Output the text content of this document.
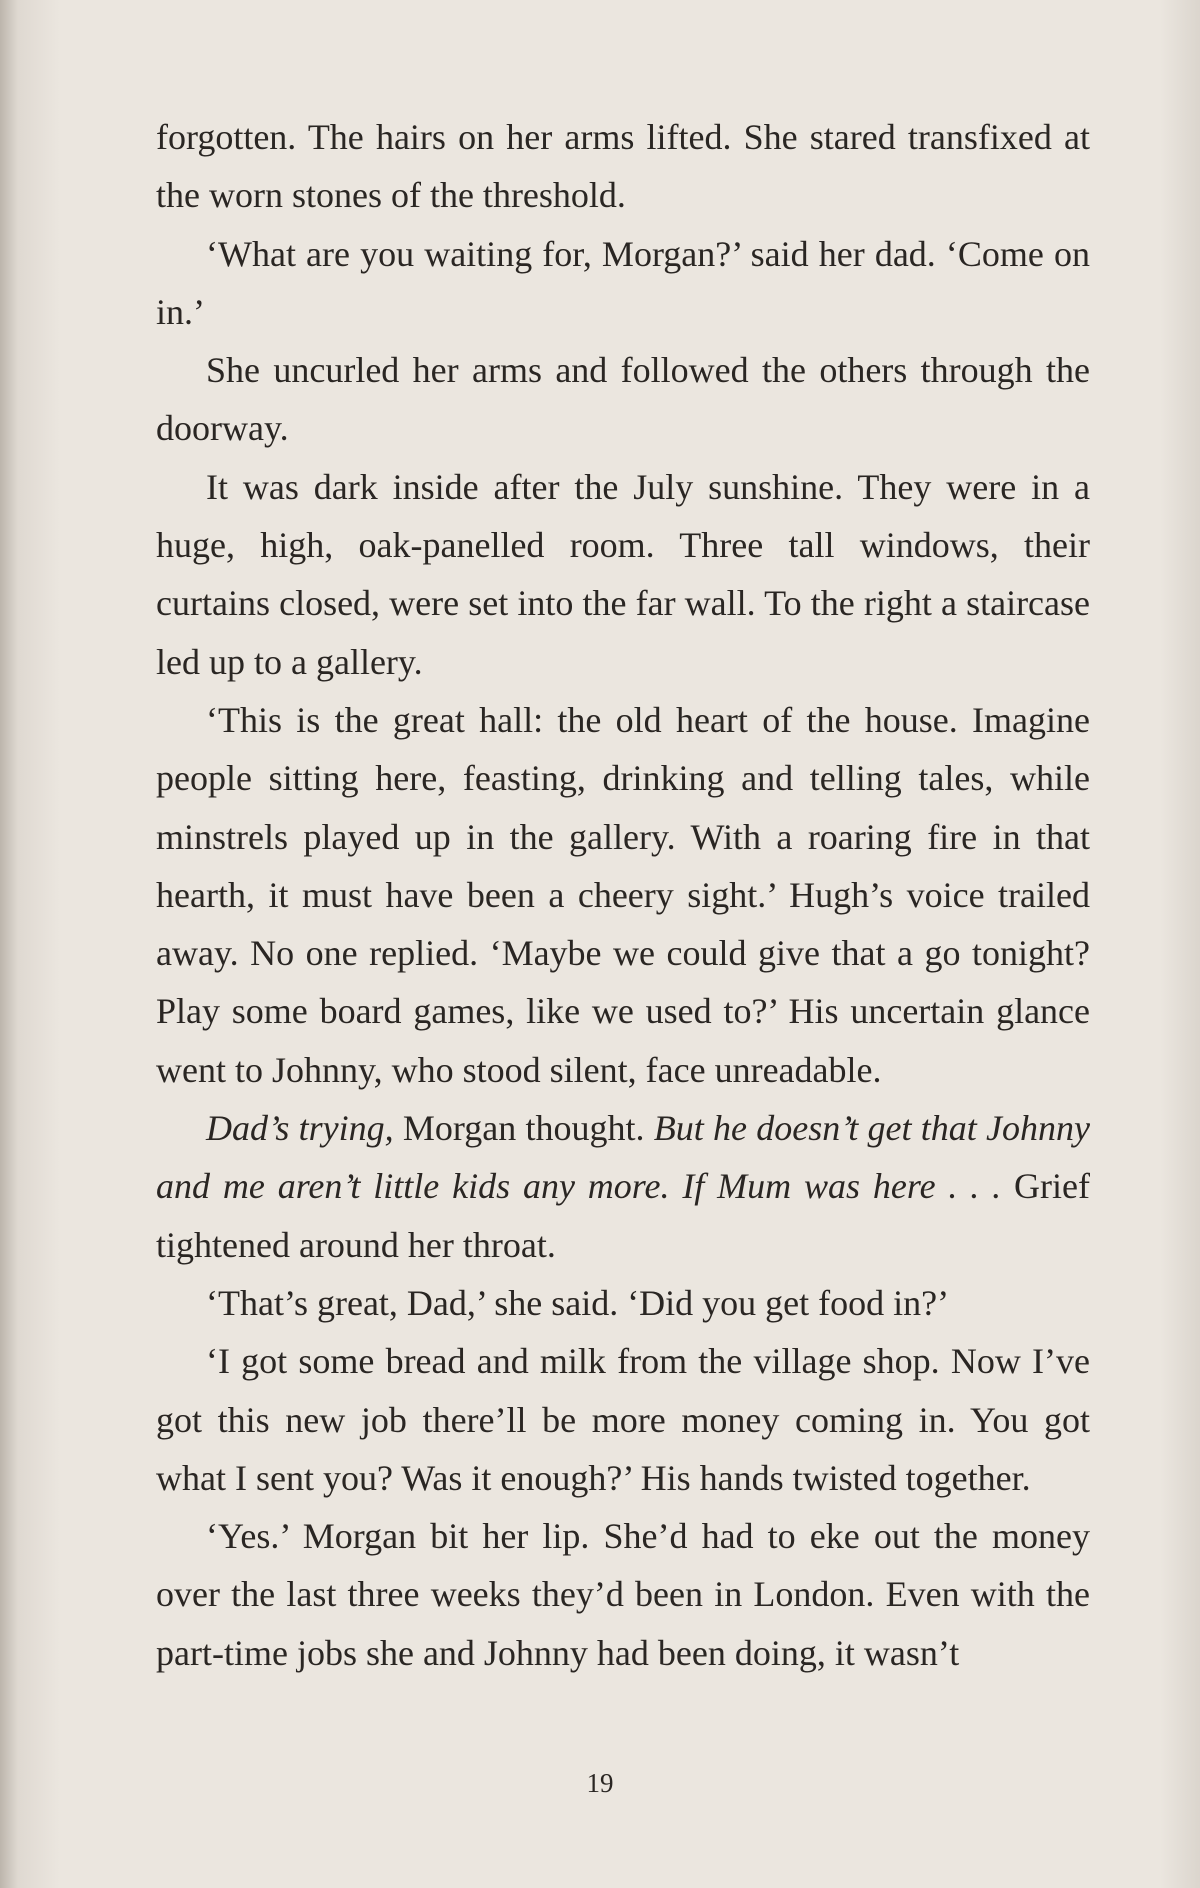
forgotten. The hairs on her arms lifted. She stared transfixed at the worn stones of the threshold.

‘What are you waiting for, Morgan?’ said her dad. ‘Come on in.’

She uncurled her arms and followed the others through the doorway.

It was dark inside after the July sunshine. They were in a huge, high, oak-panelled room. Three tall windows, their curtains closed, were set into the far wall. To the right a staircase led up to a gallery.

‘This is the great hall: the old heart of the house. Imagine people sitting here, feasting, drinking and telling tales, while minstrels played up in the gallery. With a roaring fire in that hearth, it must have been a cheery sight.’ Hugh’s voice trailed away. No one replied. ‘Maybe we could give that a go tonight? Play some board games, like we used to?’ His uncertain glance went to Johnny, who stood silent, face unreadable.

Dad’s trying, Morgan thought. But he doesn’t get that Johnny and me aren’t little kids any more. If Mum was here . . . Grief tightened around her throat.

‘That’s great, Dad,’ she said. ‘Did you get food in?’

‘I got some bread and milk from the village shop. Now I’ve got this new job there’ll be more money coming in. You got what I sent you? Was it enough?’ His hands twisted together.

‘Yes.’ Morgan bit her lip. She’d had to eke out the money over the last three weeks they’d been in London. Even with the part-time jobs she and Johnny had been doing, it wasn’t

19
